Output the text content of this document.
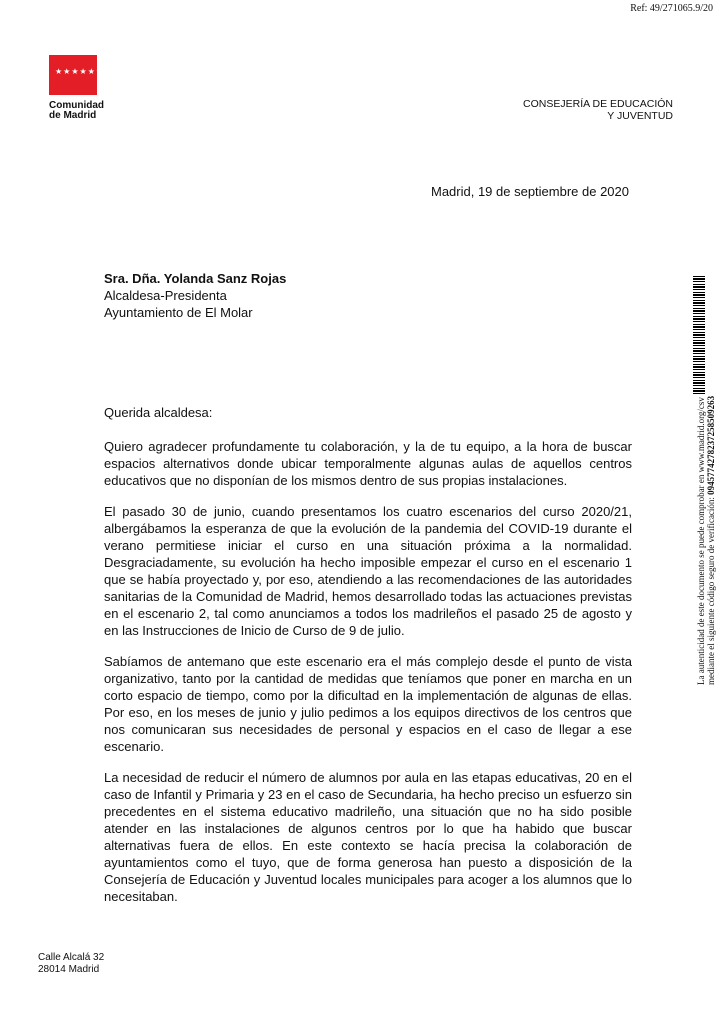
Ref: 49/271065.9/20
★★★★★★★
Comunidad
de Madrid
CONSEJERÍA DE EDUCACIÓN
Y JUVENTUD
Madrid, 19 de septiembre de 2020
Sra. Dña. Yolanda Sanz Rojas
Alcaldesa-Presidenta
Ayuntamiento de El Molar

Querida alcaldesa:

Quiero agradecer profundamente tu colaboración, y la de tu equipo, a la hora de buscar espacios alternativos donde ubicar temporalmente algunas aulas de aquellos centros educativos que no disponían de los mismos dentro de sus propias instalaciones.

El pasado 30 de junio, cuando presentamos los cuatro escenarios del curso 2020/21, albergábamos la esperanza de que la evolución de la pandemia del COVID-19 durante el verano permitiese iniciar el curso en una situación próxima a la normalidad. Desgraciadamente, su evolución ha hecho imposible empezar el curso en el escenario 1 que se había proyectado y, por eso, atendiendo a las recomendaciones de las autoridades sanitarias de la Comunidad de Madrid, hemos desarrollado todas las actuaciones previstas en el escenario 2, tal como anunciamos a todos los madrileños el pasado 25 de agosto y en las Instrucciones de Inicio de Curso de 9 de julio.

Sabíamos de antemano que este escenario era el más complejo desde el punto de vista organizativo, tanto por la cantidad de medidas que teníamos que poner en marcha en un corto espacio de tiempo, como por la dificultad en la implementación de algunas de ellas. Por eso, en los meses de junio y julio pedimos a los equipos directivos de los centros que nos comunicaran sus necesidades de personal y espacios en el caso de llegar a ese escenario.

La necesidad de reducir el número de alumnos por aula en las etapas educativas, 20 en el caso de Infantil y Primaria y 23 en el caso de Secundaria, ha hecho preciso un esfuerzo sin precedentes en el sistema educativo madrileño, una situación que no ha sido posible atender en las instalaciones de algunos centros por lo que ha habido que buscar alternativas fuera de ellos. En este contexto se hacía precisa la colaboración de ayuntamientos como el tuyo, que de forma generosa han puesto a disposición de la Consejería de Educación y Juventud locales municipales para acoger a los alumnos que lo necesitaban.

La autenticidad de este documento se puede comprobar en www.madrid.org/csv mediante el siguiente código seguro de verificación: 0945774278237258509263
Calle Alcalá 32
28014 Madrid
